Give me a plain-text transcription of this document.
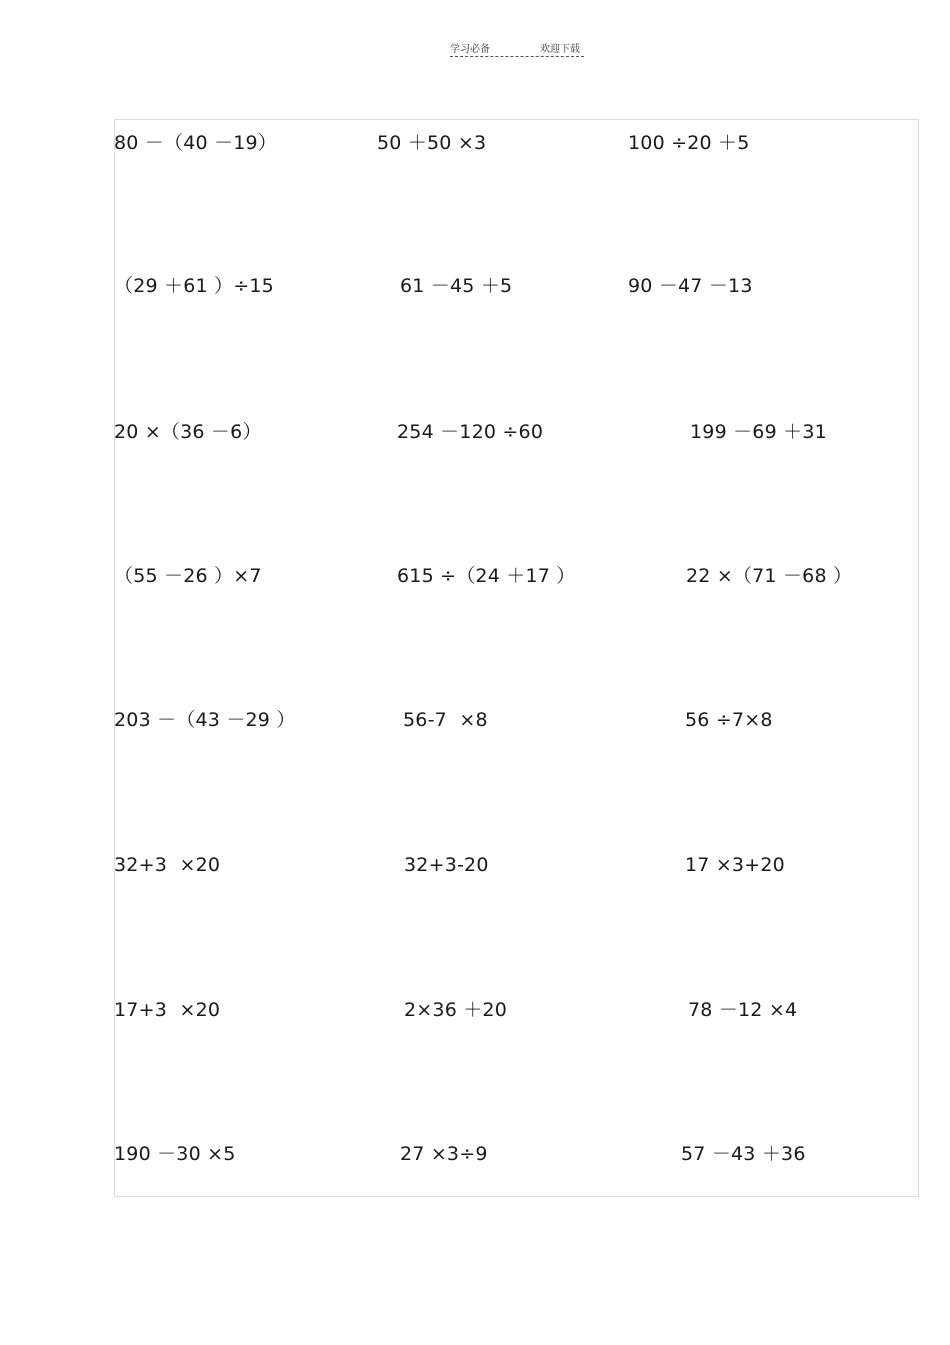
学习必备	欢迎下载
80 －（40 －19）	50 ＋50 ×3	100 ÷20 ＋5
（29 ＋61 ）÷15	61 －45 ＋5	90 －47 －13
20 ×（36 －6）	254 －120 ÷60	199 －69 ＋31
（55 －26 ）×7	615 ÷（24 ＋17 ）	22 ×（71 －68 ）
203 －（43 －29 ）	56-7  ×8	56 ÷7×8
32+3  ×20	32+3-20	17 ×3+20
17+3  ×20	2×36 ＋20	78 －12 ×4
190 －30 ×5	27 ×3÷9	57 －43 ＋36
